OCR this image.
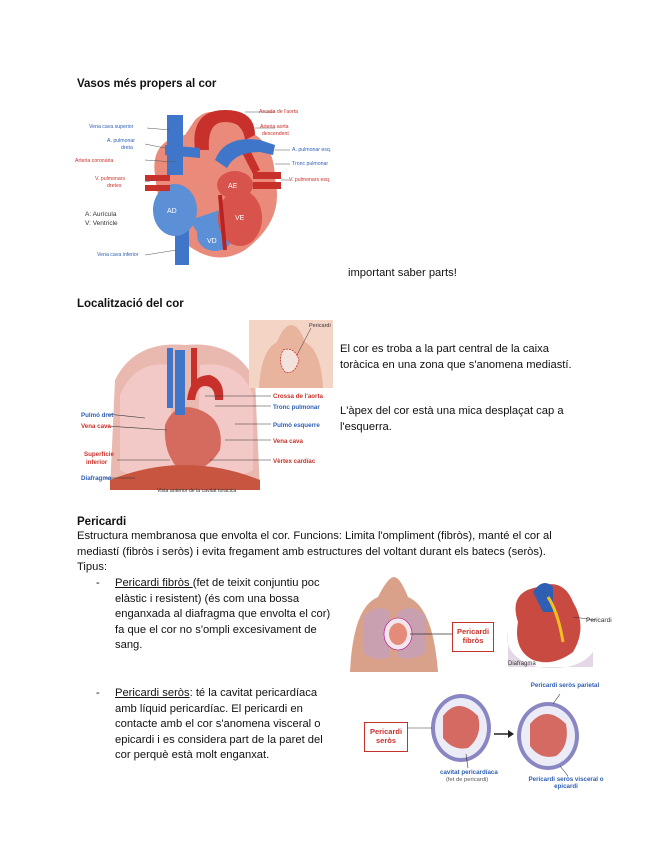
Vasos més propers al cor
AD
AE
VD
VE
Vena cava superior
A. pulmonar
dreta
Arteria coronària
V. pulmonars
dretes
Arcada de l'aorta
Arteria aorta
descendent
A. pulmonar esq.
Tronc pulmonar
V. pulmonars esq.
A: Aurícula
V: Ventricle
Vena cava inferior
important saber parts!
Localització del cor
Pericardi
Pulmó dret
Vena cava
Superfície
inferior
Diafragma
Crossa de l'aorta
Tronc pulmonar
Pulmó esquerre
Vena cava
Vèrtex cardíac
Vista anterior de la cavitat toràcica
El cor es troba a la part central de la caixa toràcica en una zona que s'anomena mediastí.
L'àpex del cor està una mica desplaçat cap a l'esquerra.
Pericardi
Estructura membranosa que envolta el cor. Funcions: Limita l'ompliment (fibròs), manté el cor al mediastí (fibròs i seròs) i evita fregament amb estructures del voltant durant els batecs (seròs).
Tipus:
-	Pericardi fibròs (fet de teixit conjuntiu poc elàstic i resistent) (és com una bossa enganxada al diafragma que envolta el cor) fa que el cor no s'ompli excesivament de sang.
-	Pericardi seròs: té la cavitat pericardíaca amb líquid pericardíac. El pericardi en contacte amb el cor s'anomena visceral o epicardi i es considera part de la paret del cor perquè està molt enganxat.
Pericardi fibròs
Pericardi
Diafragma
Pericardi seròs
Pericardi seròs parietal
cavitat pericardíaca
(fet de pericardi)	Pericardi seròs visceral o epicardi
